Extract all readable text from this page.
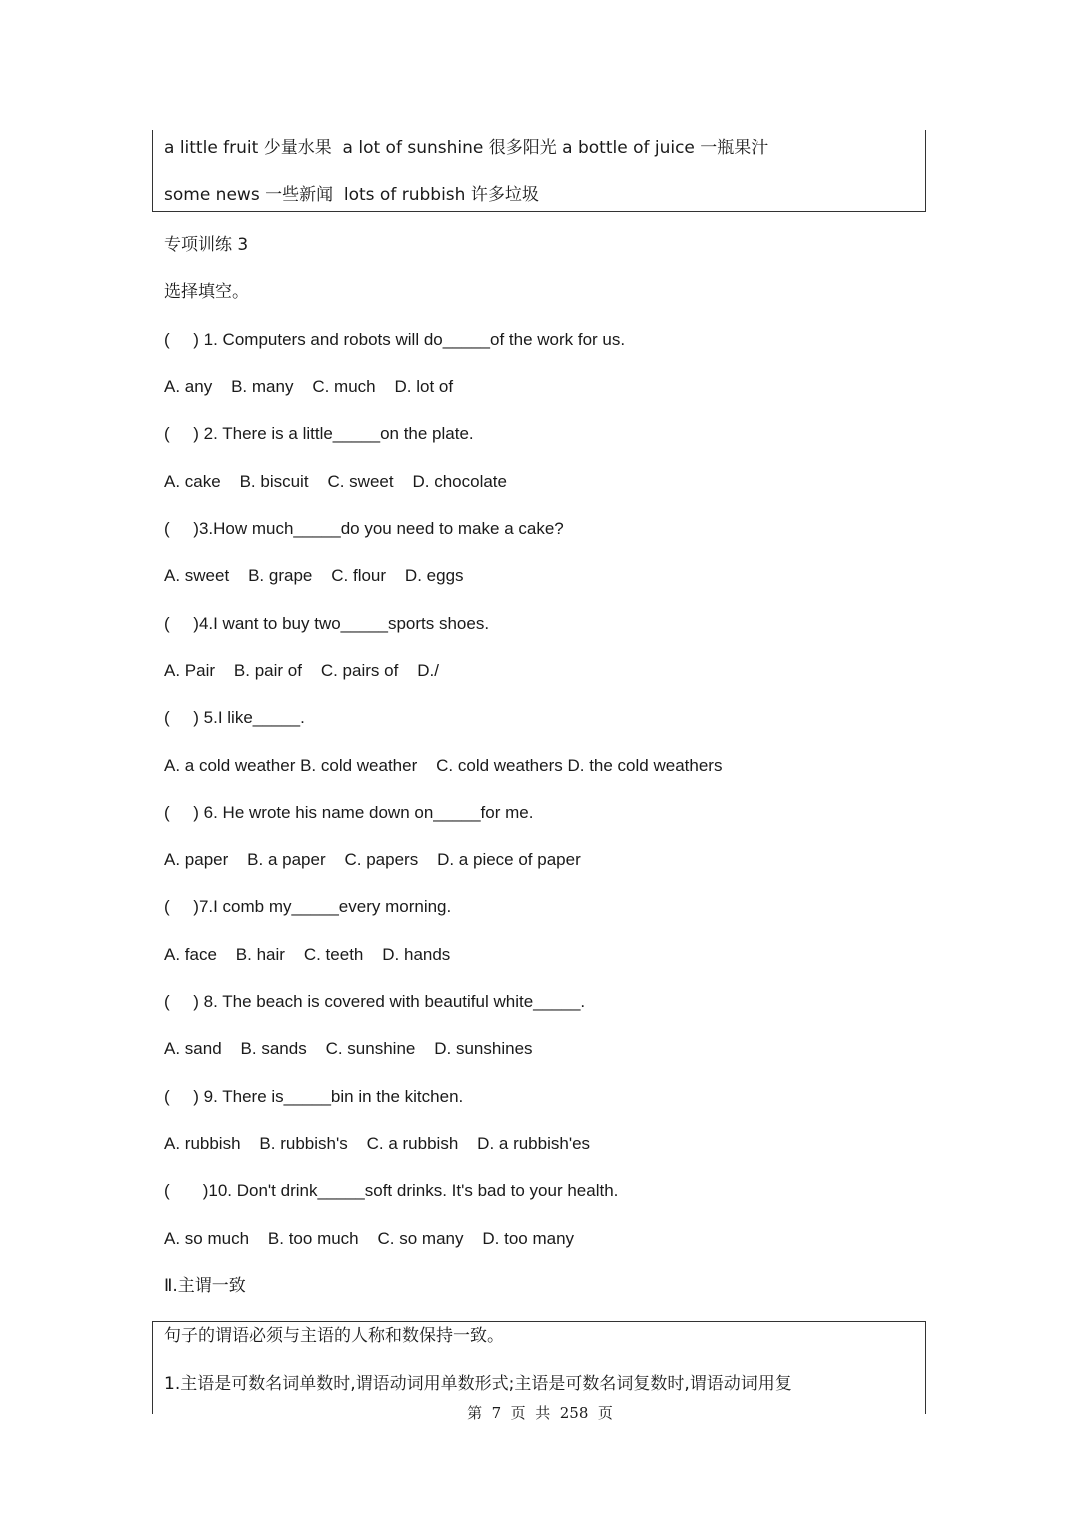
a little fruit 少量水果  a lot of sunshine 很多阳光 a bottle of juice 一瓶果汁
some news 一些新闻  lots of rubbish 许多垃圾
专项训练 3
选择填空。
(     ) 1. Computers and robots will do_____of the work for us.
A. any    B. many    C. much    D. lot of
(     ) 2. There is a little_____on the plate.
A. cake    B. biscuit    C. sweet    D. chocolate
(     )3.How much_____do you need to make a cake?
A. sweet    B. grape    C. flour    D. eggs
(     )4.I want to buy two_____sports shoes.
A. Pair    B. pair of    C. pairs of    D./
(     ) 5.I like_____.
A. a cold weather B. cold weather    C. cold weathers D. the cold weathers
(     ) 6. He wrote his name down on_____for me.
A. paper    B. a paper    C. papers    D. a piece of paper
(     )7.I comb my_____every morning.
A. face    B. hair    C. teeth    D. hands
(     ) 8. The beach is covered with beautiful white_____.
A. sand    B. sands    C. sunshine    D. sunshines
(     ) 9. There is_____bin in the kitchen.
A. rubbish    B. rubbish's    C. a rubbish    D. a rubbish'es
(       )10. Don't drink_____soft drinks. It's bad to your health.
A. so much    B. too much    C. so many    D. too many
Ⅱ.主谓一致
句子的谓语必须与主语的人称和数保持一致。
1.主语是可数名词单数时,谓语动词用单数形式;主语是可数名词复数时,谓语动词用复
第  7  页  共  258  页
